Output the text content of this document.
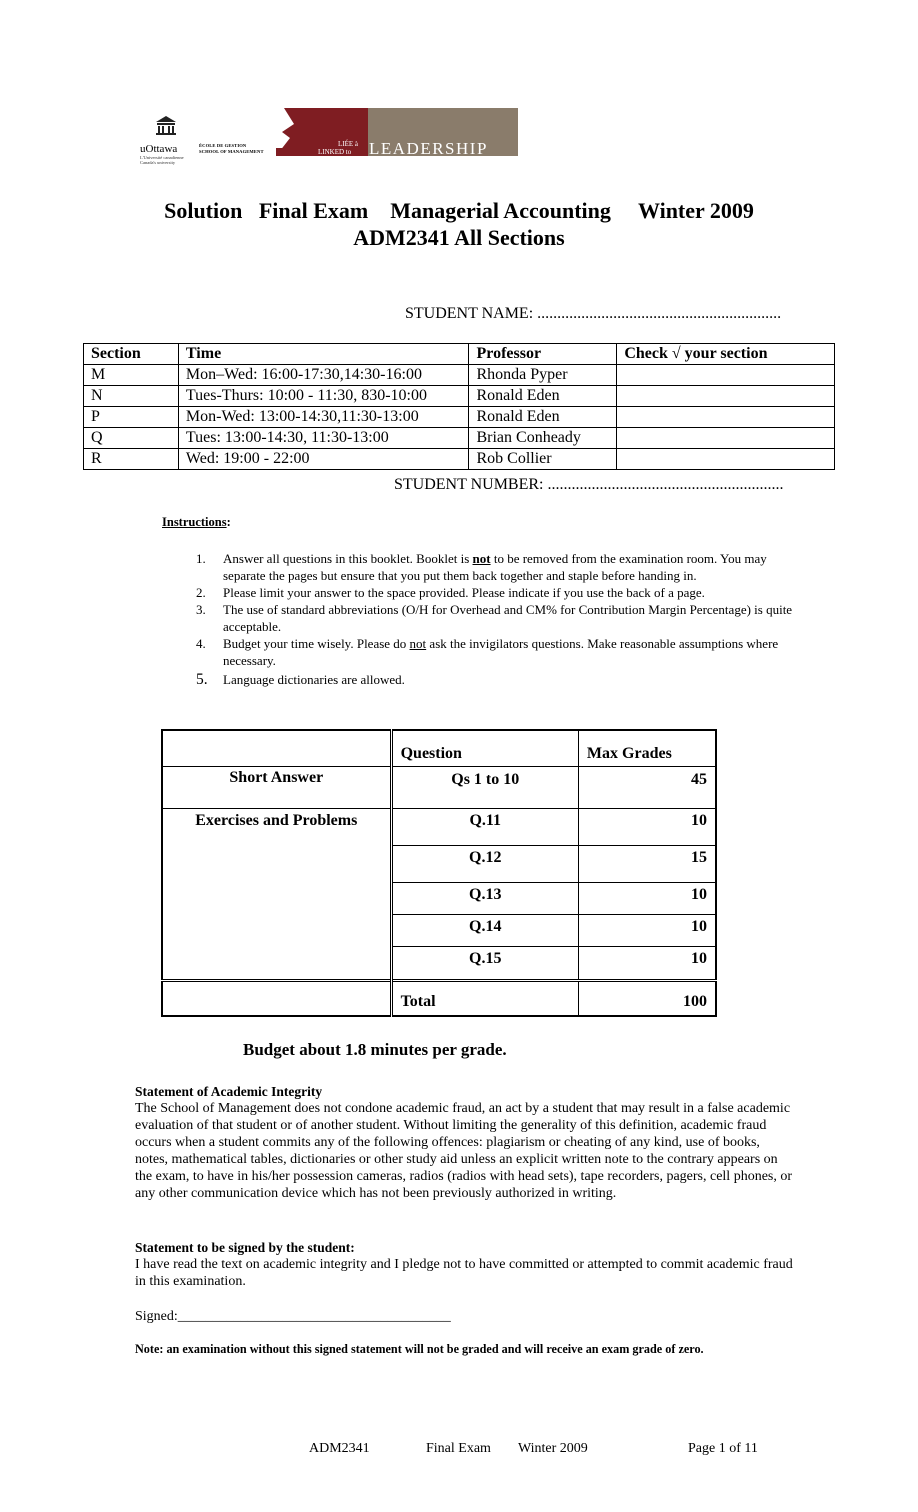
uOttawa
L'Université canadienne
Canada's university
ÉCOLE DE GESTION
SCHOOL OF MANAGEMENT
LIÉE à
LINKED to LEADERSHIP
Solution Final Exam Managerial Accounting Winter 2009
ADM2341 All Sections
STUDENT NAME: .............................................................
Section	Time	Professor	Check √ your section
M	Mon–Wed: 16:00-17:30,14:30-16:00	Rhonda Pyper	
N	Tues-Thurs: 10:00 - 11:30, 830-10:00	Ronald Eden	
P	Mon-Wed: 13:00-14:30,11:30-13:00	Ronald Eden	
Q	Tues: 13:00-14:30, 11:30-13:00	Brian Conheady	
R	Wed: 19:00 - 22:00	Rob Collier	
STUDENT NUMBER: ...........................................................
Instructions:
1. Answer all questions in this booklet. Booklet is not to be removed from the examination room. You may separate the pages but ensure that you put them back together and staple before handing in.
2. Please limit your answer to the space provided. Please indicate if you use the back of a page.
3. The use of standard abbreviations (O/H for Overhead and CM% for Contribution Margin Percentage) is quite acceptable.
4. Budget your time wisely. Please do not ask the invigilators questions. Make reasonable assumptions where necessary.
5. Language dictionaries are allowed.
	Question	Max Grades
Short Answer	Qs 1 to 10	45
Exercises and Problems	Q.11	10
	Q.12	15
	Q.13	10
	Q.14	10
	Q.15	10
	Total	100
Budget about 1.8 minutes per grade.
Statement of Academic Integrity
The School of Management does not condone academic fraud, an act by a student that may result in a false academic evaluation of that student or of another student. Without limiting the generality of this definition, academic fraud occurs when a student commits any of the following offences: plagiarism or cheating of any kind, use of books, notes, mathematical tables, dictionaries or other study aid unless an explicit written note to the contrary appears on the exam, to have in his/her possession cameras, radios (radios with head sets), tape recorders, pagers, cell phones, or any other communication device which has not been previously authorized in writing.
Statement to be signed by the student:
I have read the text on academic integrity and I pledge not to have committed or attempted to commit academic fraud in this examination.
Signed:_______________________________________
Note: an examination without this signed statement will not be graded and will receive an exam grade of zero.
ADM2341	Final Exam Winter 2009	Page 1 of 11
